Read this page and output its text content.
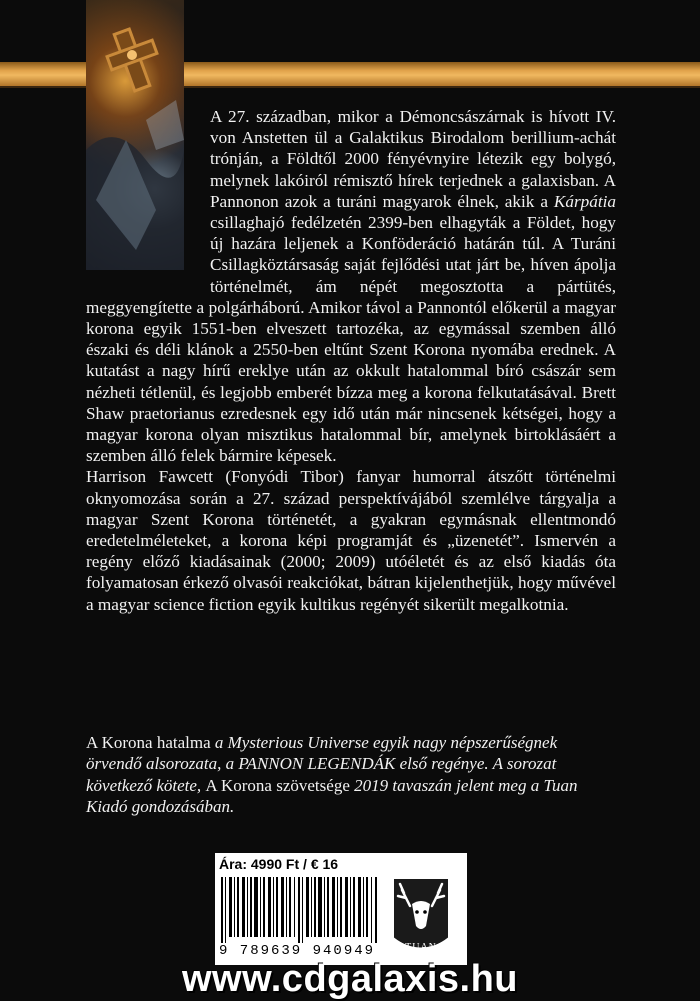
A 27. században, mikor a Démoncsászárnak is hívott IV. von Anstetten ül a Galaktikus Birodalom berillium-achát trónján, a Földtől 2000 fényévnyire létezik egy bolygó, melynek lakóiról rémisztő hírek terjednek a galaxisban. A Pannonon azok a turáni magyarok élnek, akik a Kárpátia csillaghajó fedélzetén 2399-ben elhagyták a Földet, hogy új hazára leljenek a Konföderáció határán túl. A Turáni Csillagköztársaság saját fejlődési utat járt be, híven ápolja történelmét, ám népét megosztotta a pártütés, meggyengítette a polgárháború. Amikor távol a Pannontól előkerül a magyar korona egyik 1551-ben elveszett tartozéka, az egymással szemben álló északi és déli klánok a 2550-ben eltűnt Szent Korona nyomába erednek. A kutatást a nagy hírű ereklye után az okkult hatalommal bíró császár sem nézheti tétlenül, és legjobb emberét bízza meg a korona felkutatásával. Brett Shaw praetorianus ezredesnek egy idő után már nincsenek kétségei, hogy a magyar korona olyan misztikus hatalommal bír, amelynek birtoklásáért a szemben álló felek bármire képesek.

Harrison Fawcett (Fonyódi Tibor) fanyar humorral átszőtt történelmi oknyomozása során a 27. század perspektívájából szemlélve tárgyalja a magyar Szent Korona történetét, a gyakran egymásnak ellentmondó eredetelméleteket, a korona képi programját és „üzenetét”. Ismervén a regény előző kiadásainak (2000; 2009) utóéletét és az első kiadás óta folyamatosan érkező olvasói reakciókat, bátran kijelenthetjük, hogy művével a magyar science fiction egyik kultikus regényét sikerült megalkotnia.

A Korona hatalma a Mysterious Universe egyik nagy népszerűségnek örvendő alsorozata, a PANNON LEGENDÁK első regénye. A sorozat következő kötete, A Korona szövetsége 2019 tavaszán jelent meg a Tuan Kiadó gondozásában.
Ára: 4990 Ft / € 16
9 789639 940949	TUAN
www.cdgalaxis.hu
